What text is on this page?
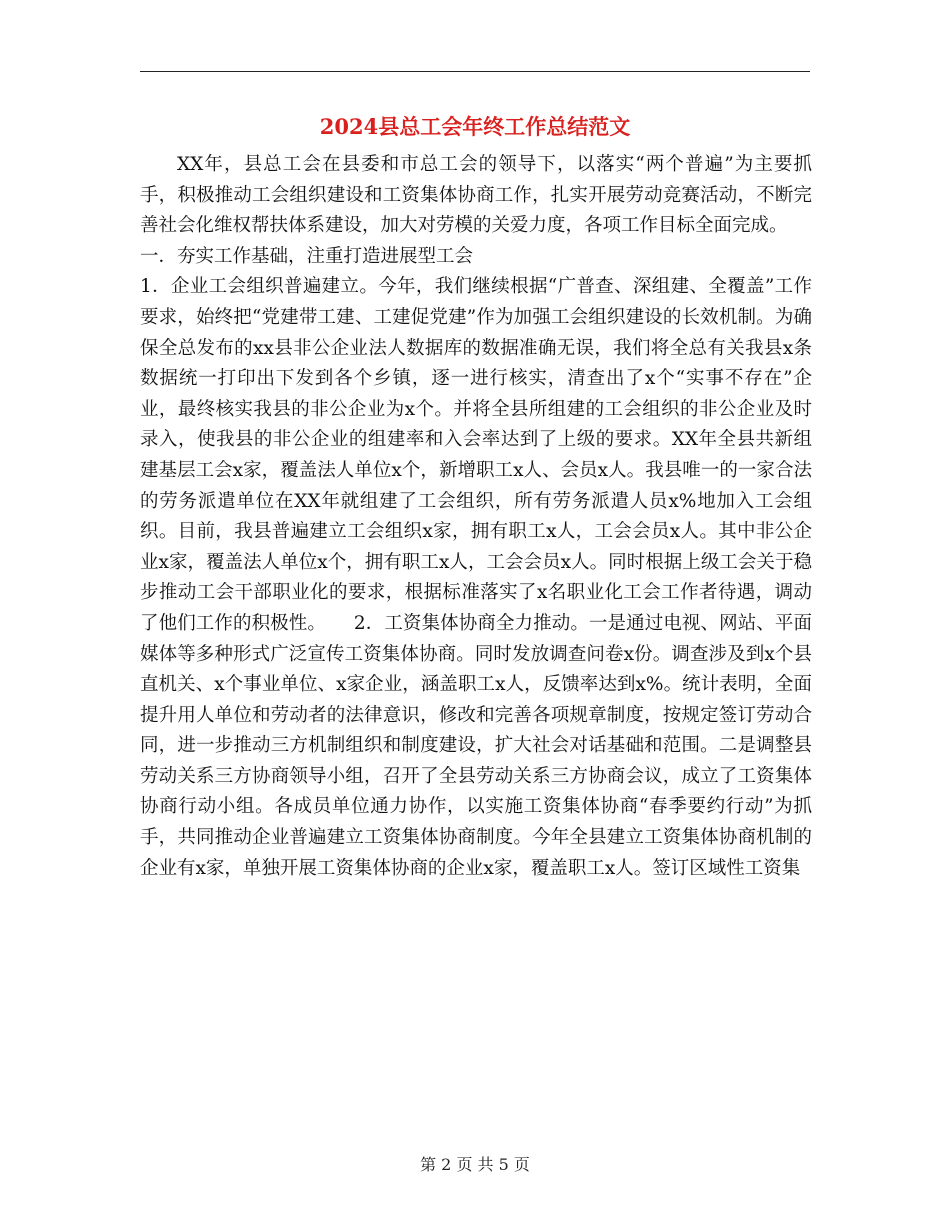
2024县总工会年终工作总结范文

XX年，县总工会在县委和市总工会的领导下，以落实“两个普遍”为主要抓手，积极推动工会组织建设和工资集体协商工作，扎实开展劳动竞赛活动，不断完善社会化维权帮扶体系建设，加大对劳模的关爱力度，各项工作目标全面完成。

一．夯实工作基础，注重打造进展型工会

1．企业工会组织普遍建立。今年，我们继续根据“广普查、深组建、全覆盖”工作要求，始终把“党建带工建、工建促党建”作为加强工会组织建设的长效机制。为确保全总发布的xx县非公企业法人数据库的数据准确无误，我们将全总有关我县x条数据统一打印出下发到各个乡镇，逐一进行核实，清查出了x个“实事不存在”企业，最终核实我县的非公企业为x个。并将全县所组建的工会组织的非公企业及时录入，使我县的非公企业的组建率和入会率达到了上级的要求。XX年全县共新组建基层工会x家，覆盖法人单位x个，新增职工x人、会员x人。我县唯一的一家合法的劳务派遣单位在XX年就组建了工会组织，所有劳务派遣人员x%地加入工会组织。目前，我县普遍建立工会组织x家，拥有职工x人，工会会员x人。其中非公企业x家，覆盖法人单位x个，拥有职工x人，工会会员x人。同时根据上级工会关于稳步推动工会干部职业化的要求，根据标准落实了x名职业化工会工作者待遇，调动了他们工作的积极性。　　2．工资集体协商全力推动。一是通过电视、网站、平面媒体等多种形式广泛宣传工资集体协商。同时发放调查问卷x份。调查涉及到x个县直机关、x个事业单位、x家企业，涵盖职工x人，反馈率达到x%。统计表明，全面提升用人单位和劳动者的法律意识，修改和完善各项规章制度，按规定签订劳动合同，进一步推动三方机制组织和制度建设，扩大社会对话基础和范围。二是调整县劳动关系三方协商领导小组，召开了全县劳动关系三方协商会议，成立了工资集体协商行动小组。各成员单位通力协作，以实施工资集体协商“春季要约行动”为抓手，共同推动企业普遍建立工资集体协商制度。今年全县建立工资集体协商机制的企业有x家，单独开展工资集体协商的企业x家，覆盖职工x人。签订区域性工资集

第 2 页 共 5 页
